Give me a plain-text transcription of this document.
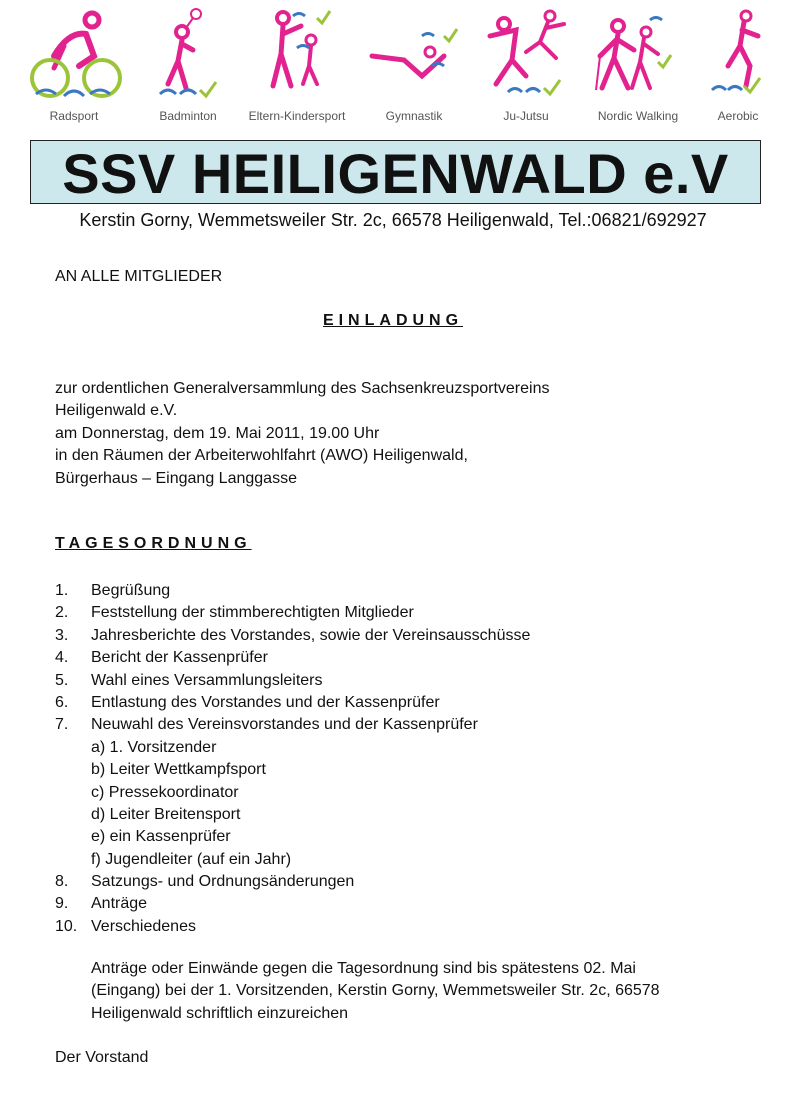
Radsport	Badminton	Eltern-Kindersport	Gymnastik	Ju-Jutsu	Nordic Walking	Aerobic
SSV HEILIGENWALD e.V
Kerstin Gorny, Wemmetsweiler Str. 2c, 66578 Heiligenwald, Tel.:06821/692927
AN ALLE MITGLIEDER
EINLADUNG
zur ordentlichen Generalversammlung des Sachsenkreuzsportvereins
Heiligenwald e.V.
am Donnerstag, dem 19. Mai 2011, 19.00 Uhr
in den Räumen der Arbeiterwohlfahrt (AWO) Heiligenwald,
Bürgerhaus – Eingang Langgasse
TAGESORDNUNG
1.	Begrüßung
2.	Feststellung der stimmberechtigten Mitglieder
3.	Jahresberichte des Vorstandes, sowie der Vereinsausschüsse
4.	Bericht der Kassenprüfer
5.	Wahl eines Versammlungsleiters
6.	Entlastung des Vorstandes und der Kassenprüfer
7.	Neuwahl des Vereinsvorstandes und der Kassenprüfer
a) 1. Vorsitzender
b) Leiter Wettkampfsport
c) Pressekoordinator
d) Leiter Breitensport
e) ein Kassenprüfer
f) Jugendleiter (auf ein Jahr)
8.	Satzungs- und Ordnungsänderungen
9.	Anträge
10. Verschiedenes
Anträge oder Einwände gegen die Tagesordnung sind bis spätestens 02. Mai
(Eingang) bei der 1. Vorsitzenden, Kerstin Gorny, Wemmetsweiler Str. 2c, 66578
Heiligenwald schriftlich einzureichen
Der Vorstand
